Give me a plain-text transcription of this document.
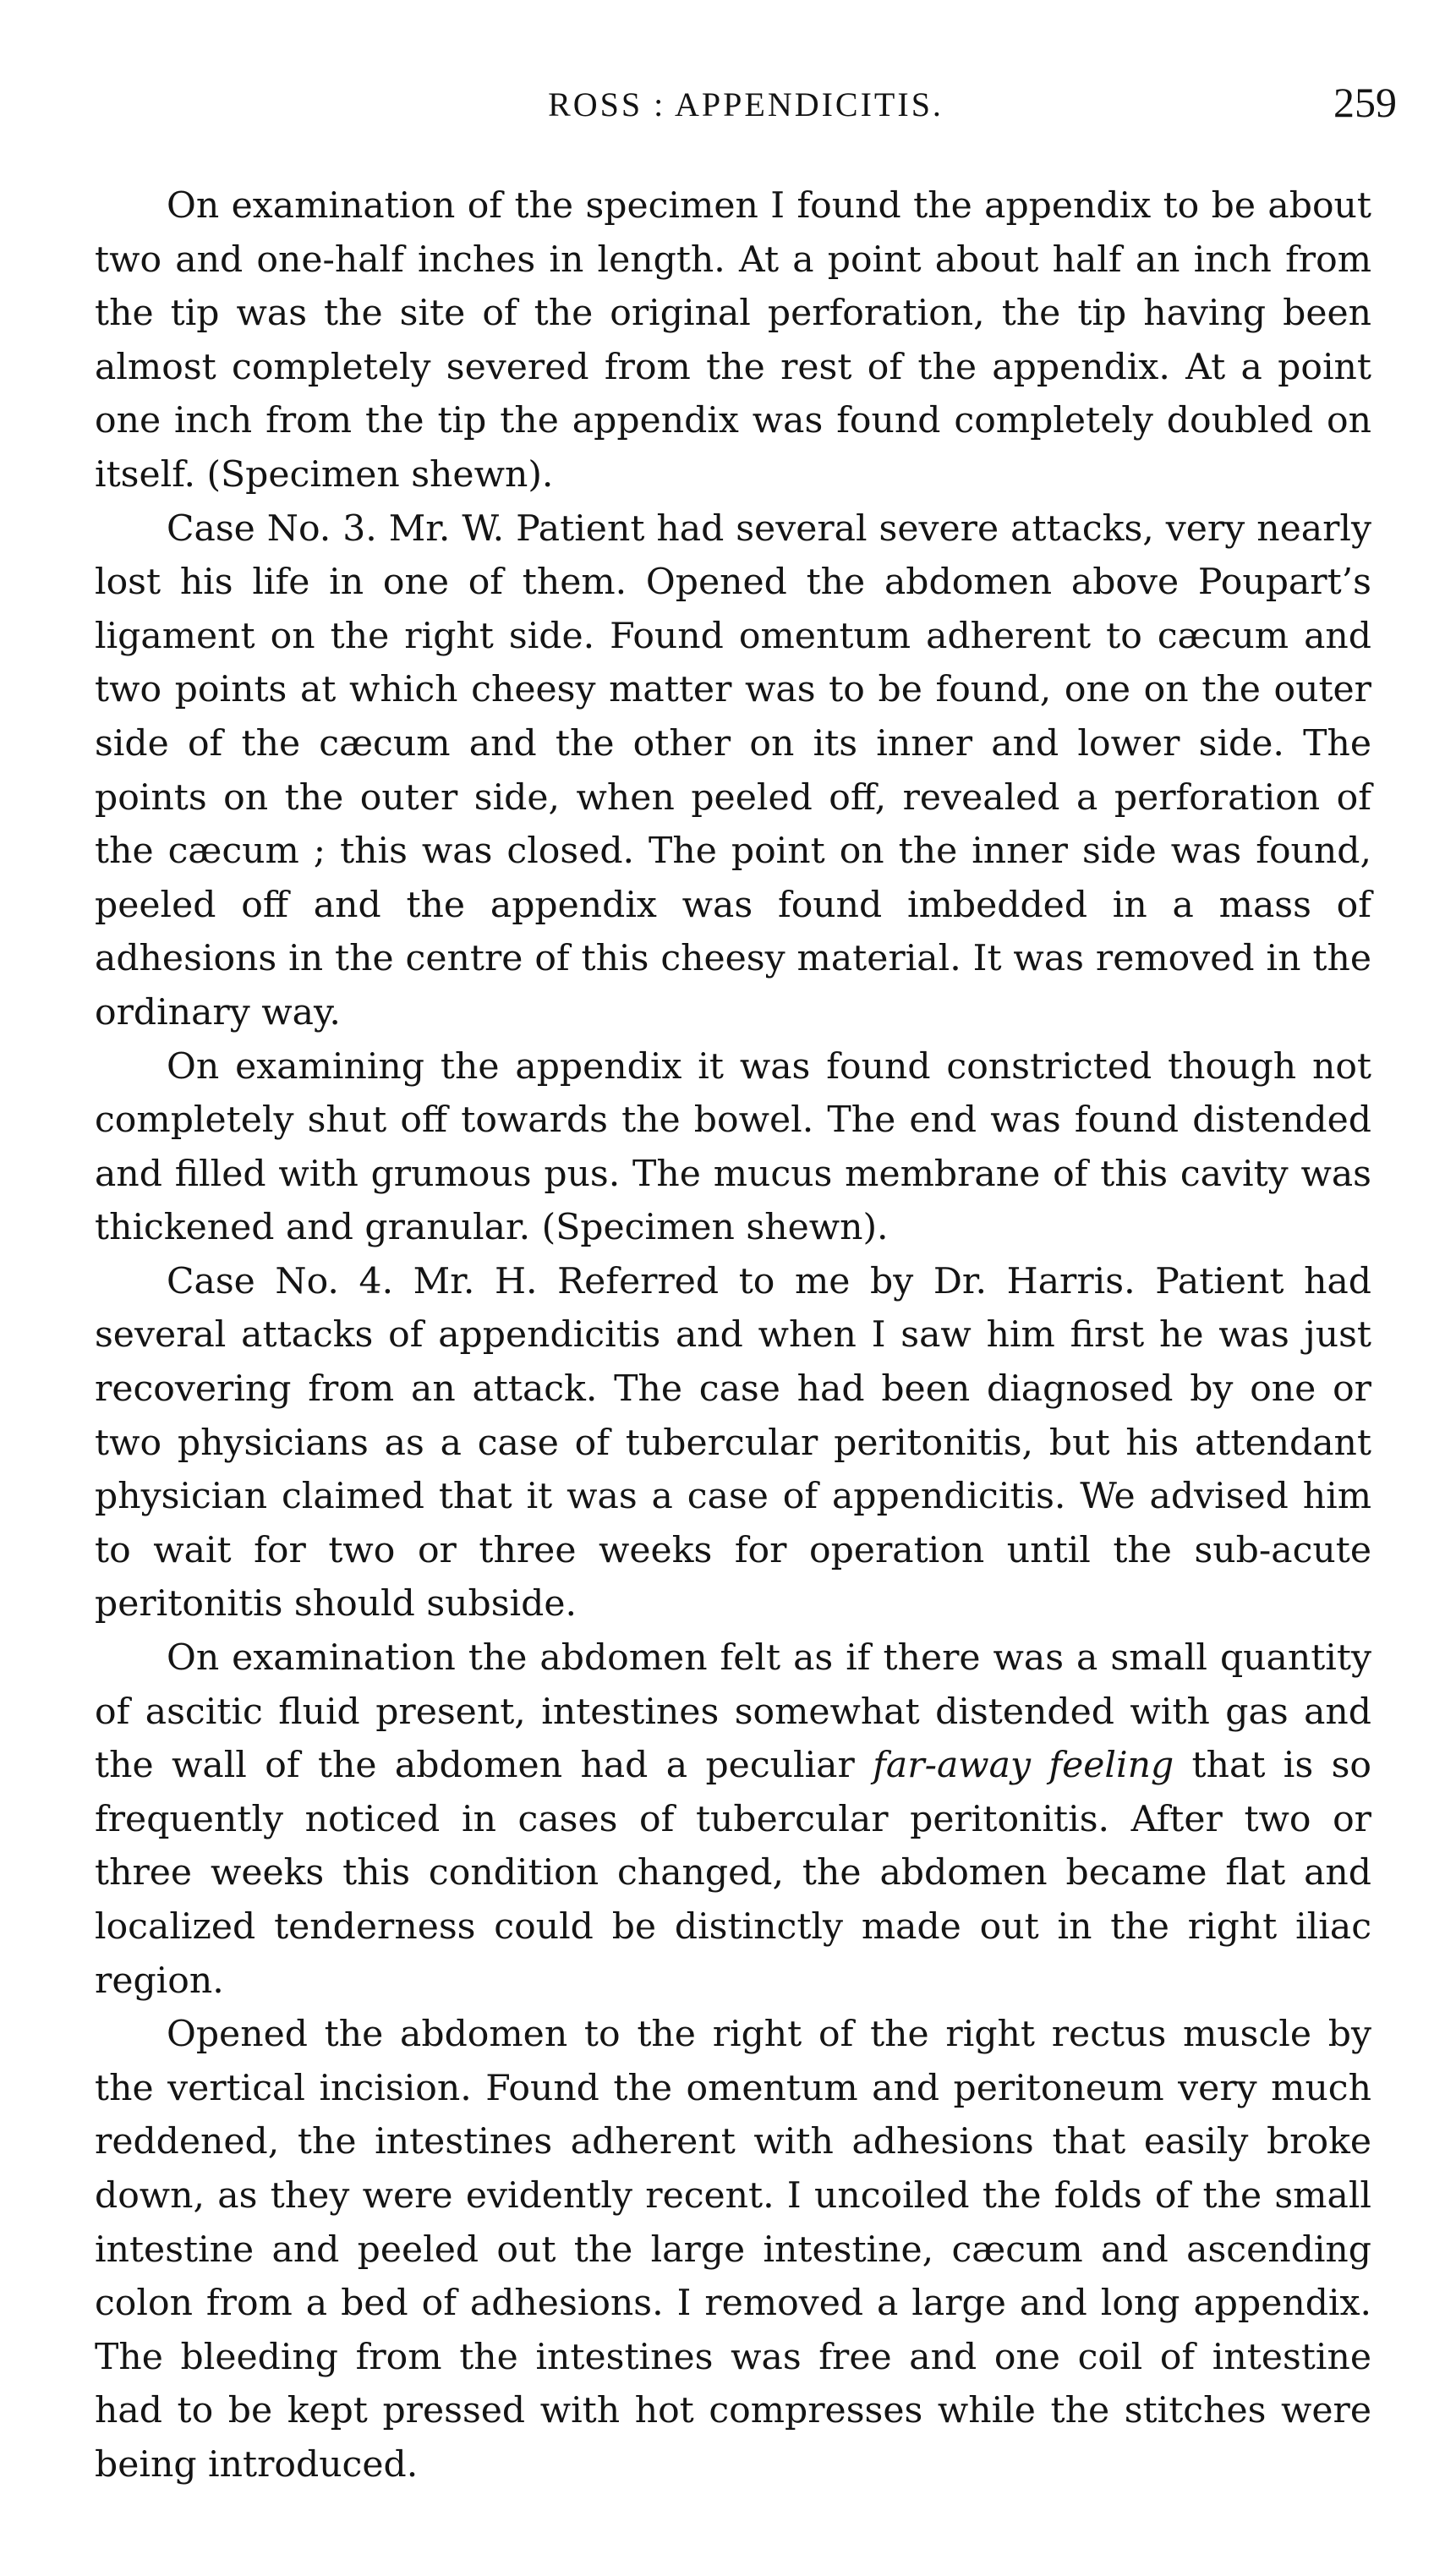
ROSS : APPENDICITIS.	259

On examination of the specimen I found the appendix to be about two and one-half inches in length. At a point about half an inch from the tip was the site of the original perforation, the tip having been almost completely severed from the rest of the appendix. At a point one inch from the tip the appendix was found completely doubled on itself. (Specimen shewn).

Case No. 3. Mr. W. Patient had several severe attacks, very nearly lost his life in one of them. Opened the abdomen above Poupart’s ligament on the right side. Found omentum adherent to cæcum and two points at which cheesy matter was to be found, one on the outer side of the cæcum and the other on its inner and lower side. The points on the outer side, when peeled off, revealed a perforation of the cæcum ; this was closed. The point on the inner side was found, peeled off and the appendix was found imbedded in a mass of adhesions in the centre of this cheesy material. It was removed in the ordinary way.

On examining the appendix it was found constricted though not completely shut off towards the bowel. The end was found distended and filled with grumous pus. The mucus membrane of this cavity was thickened and granular. (Specimen shewn).

Case No. 4. Mr. H. Referred to me by Dr. Harris. Patient had several attacks of appendicitis and when I saw him first he was just recovering from an attack. The case had been diagnosed by one or two physicians as a case of tubercular peritonitis, but his attendant physician claimed that it was a case of appendicitis. We advised him to wait for two or three weeks for operation until the sub-acute peritonitis should subside.

On examination the abdomen felt as if there was a small quantity of ascitic fluid present, intestines somewhat distended with gas and the wall of the abdomen had a peculiar far-away feeling that is so frequently noticed in cases of tubercular peritonitis. After two or three weeks this condition changed, the abdomen became flat and localized tenderness could be distinctly made out in the right iliac region.

Opened the abdomen to the right of the right rectus muscle by the vertical incision. Found the omentum and peritoneum very much reddened, the intestines adherent with adhesions that easily broke down, as they were evidently recent. I uncoiled the folds of the small intestine and peeled out the large intestine, cæcum and ascending colon from a bed of adhesions. I removed a large and long appendix. The bleeding from the intestines was free and one coil of intestine had to be kept pressed with hot compresses while the stitches were being introduced.
